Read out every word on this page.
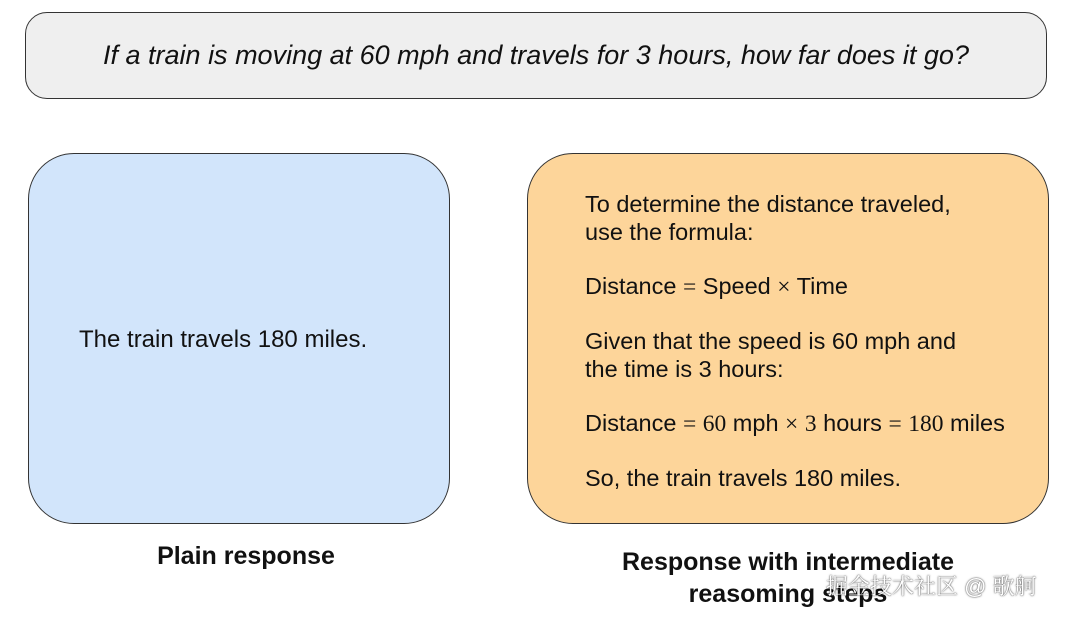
If a train is moving at 60 mph and travels for 3 hours, how far does it go?
The train travels 180 miles.
Plain response

To determine the distance traveled,

use the formula:

Distance = Speed × Time

Given that the speed is 60 mph and

the time is 3 hours:

Distance = 60 mph × 3 hours = 180 miles

So, the train travels 180 miles.

Response with intermediate
reasoming steps
掘金技术社区 @ 歌舸
